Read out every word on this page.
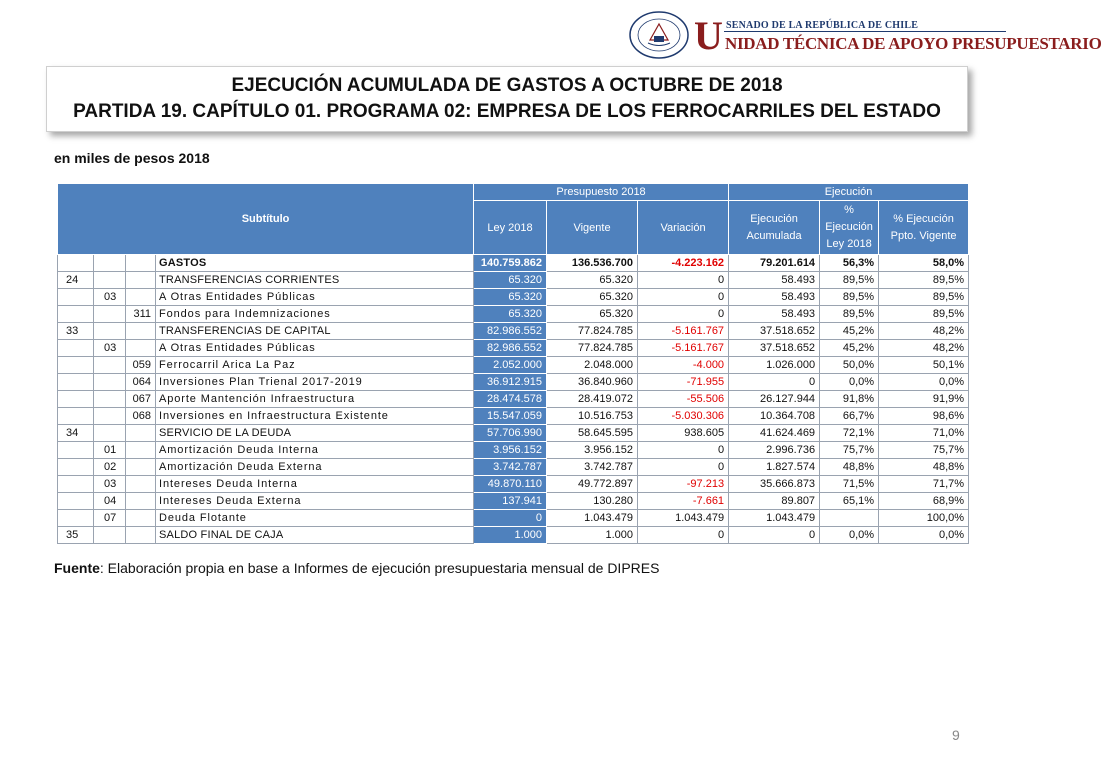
U SENADO DE LA REPÚBLICA DE CHILE
NIDAD TÉCNICA DE APOYO PRESUPUESTARIO
EJECUCIÓN ACUMULADA DE GASTOS A OCTUBRE DE 2018
PARTIDA 19. CAPÍTULO 01. PROGRAMA 02: EMPRESA DE LOS FERROCARRILES DEL ESTADO
en miles de pesos 2018
Subtítulo				Presupuesto 2018			Ejecución		
				Ley 2018	Vigente	Variación	Ejecución Acumulada	% Ejecución Ley 2018	% Ejecución Ppto. Vigente
			GASTOS	140.759.862	136.536.700	-4.223.162	79.201.614	56,3%	58,0%
24			TRANSFERENCIAS CORRIENTES	65.320	65.320	0	58.493	89,5%	89,5%
	03		A Otras Entidades Públicas	65.320	65.320	0	58.493	89,5%	89,5%
		311	Fondos para Indemnizaciones	65.320	65.320	0	58.493	89,5%	89,5%
33			TRANSFERENCIAS DE CAPITAL	82.986.552	77.824.785	-5.161.767	37.518.652	45,2%	48,2%
	03		A Otras Entidades Públicas	82.986.552	77.824.785	-5.161.767	37.518.652	45,2%	48,2%
		059	Ferrocarril Arica La Paz	2.052.000	2.048.000	-4.000	1.026.000	50,0%	50,1%
		064	Inversiones Plan Trienal 2017-2019	36.912.915	36.840.960	-71.955	0	0,0%	0,0%
		067	Aporte Mantención Infraestructura	28.474.578	28.419.072	-55.506	26.127.944	91,8%	91,9%
		068	Inversiones en Infraestructura Existente	15.547.059	10.516.753	-5.030.306	10.364.708	66,7%	98,6%
34			SERVICIO DE LA DEUDA	57.706.990	58.645.595	938.605	41.624.469	72,1%	71,0%
	01		Amortización Deuda Interna	3.956.152	3.956.152	0	2.996.736	75,7%	75,7%
	02		Amortización Deuda Externa	3.742.787	3.742.787	0	1.827.574	48,8%	48,8%
	03		Intereses Deuda Interna	49.870.110	49.772.897	-97.213	35.666.873	71,5%	71,7%
	04		Intereses Deuda Externa	137.941	130.280	-7.661	89.807	65,1%	68,9%
	07		Deuda Flotante	0	1.043.479	1.043.479	1.043.479		100,0%
35			SALDO FINAL DE CAJA	1.000	1.000	0	0	0,0%	0,0%
Fuente: Elaboración propia en base a Informes de ejecución presupuestaria mensual de DIPRES
9
